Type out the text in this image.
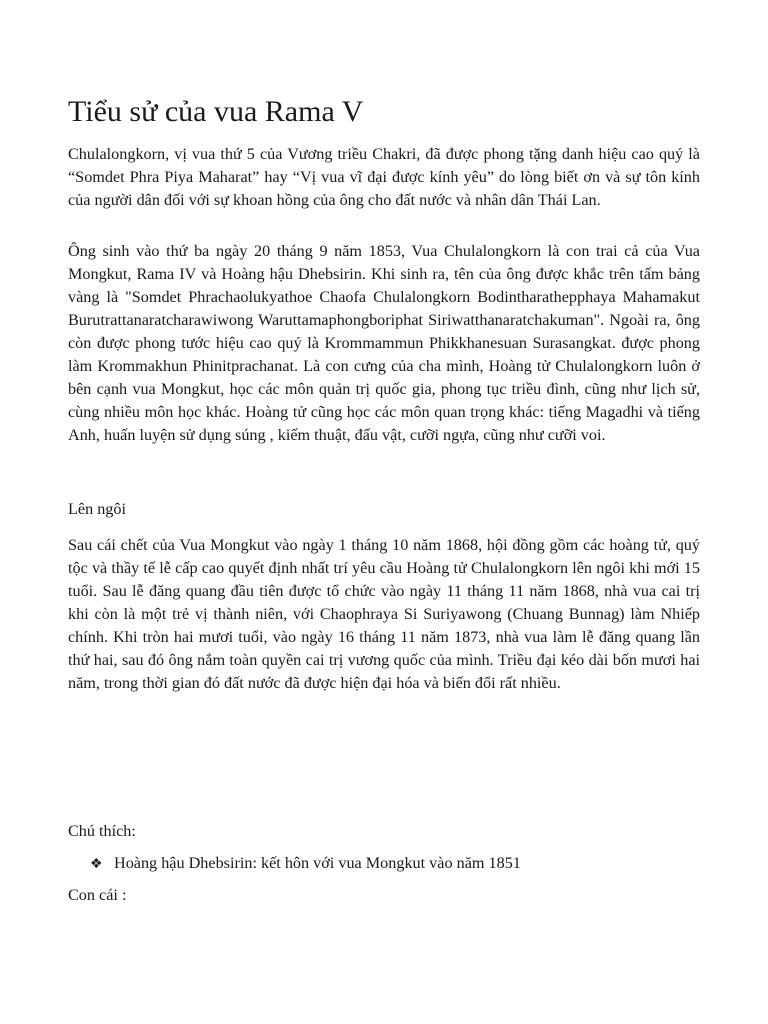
Tiểu sử của vua Rama V

Chulalongkorn, vị vua thứ 5 của Vương triều Chakri, đã được phong tặng danh hiệu cao quý là “Somdet Phra Piya Maharat” hay “Vị vua vĩ đại được kính yêu” do lòng biết ơn và sự tôn kính của người dân đối với sự khoan hồng của ông cho đất nước và nhân dân Thái Lan.

Ông sinh vào thứ ba ngày 20 tháng 9 năm 1853, Vua Chulalongkorn là con trai cả của Vua Mongkut, Rama IV và Hoàng hậu Dhebsirin. Khi sinh ra, tên của ông được khắc trên tấm bảng vàng là "Somdet Phrachaolukyathoe Chaofa Chulalongkorn Bodintharathepphaya Mahamakut Burutrattanaratcharawiwong Waruttamaphongboriphat Siriwatthanaratchakuman". Ngoài ra, ông còn được phong tước hiệu cao quý là Krommammun Phikkhanesuan Surasangkat. được phong làm Krommakhun Phinitprachanat. Là con cưng của cha mình, Hoàng tử Chulalongkorn luôn ở bên cạnh vua Mongkut, học các môn quản trị quốc gia, phong tục triều đình, cũng như lịch sử, cùng nhiều môn học khác. Hoàng tử cũng học các môn quan trọng khác: tiếng Magadhi và tiếng Anh, huấn luyện sử dụng súng , kiếm thuật, đấu vật, cưỡi ngựa, cũng như cưỡi voi.

Lên ngôi

Sau cái chết của Vua Mongkut vào ngày 1 tháng 10 năm 1868, hội đồng gồm các hoàng tử, quý tộc và thầy tế lễ cấp cao quyết định nhất trí yêu cầu Hoàng tử Chulalongkorn lên ngôi khi mới 15 tuổi. Sau lễ đăng quang đầu tiên được tổ chức vào ngày 11 tháng 11 năm 1868, nhà vua cai trị khi còn là một trẻ vị thành niên, với Chaophraya Si Suriyawong (Chuang Bunnag) làm Nhiếp chính. Khi tròn hai mươi tuổi, vào ngày 16 tháng 11 năm 1873, nhà vua làm lễ đăng quang lần thứ hai, sau đó ông nắm toàn quyền cai trị vương quốc của mình. Triều đại kéo dài bốn mươi hai năm, trong thời gian đó đất nước đã được hiện đại hóa và biến đổi rất nhiều.

Chú thích:

❖ Hoàng hậu Dhebsirin: kết hôn với vua Mongkut vào năm 1851

Con cái :
